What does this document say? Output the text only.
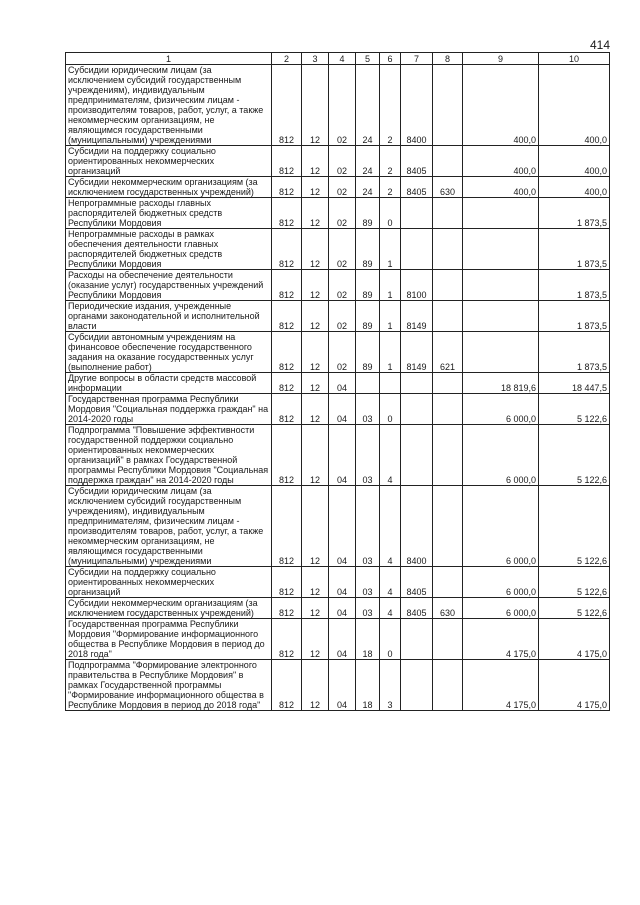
414
1	2	3	4	5	6	7	8	9	10
Субсидии юридическим лицам (за исключением субсидий государственным учреждениям), индивидуальным предпринимателям, физическим лицам - производителям товаров, работ, услуг, а также некоммерческим организациям, не являющимся государственными (муниципальными) учреждениями	812	12	02	24	2	8400		400,0	400,0
Субсидии на поддержку социально ориентированных некоммерческих организаций	812	12	02	24	2	8405		400,0	400,0
Субсидии некоммерческим организациям (за исключением государственных учреждений)	812	12	02	24	2	8405	630	400,0	400,0
Непрограммные расходы главных распорядителей бюджетных средств Республики Мордовия	812	12	02	89	0				1 873,5
Непрограммные расходы в рамках обеспечения деятельности главных распорядителей бюджетных средств Республики Мордовия	812	12	02	89	1				1 873,5
Расходы на обеспечение деятельности (оказание услуг) государственных учреждений Республики Мордовия	812	12	02	89	1	8100			1 873,5
Периодические издания, учрежденные органами законодательной и исполнительной власти	812	12	02	89	1	8149			1 873,5
Субсидии автономным учреждениям на финансовое обеспечение государственного задания на оказание государственных услуг (выполнение работ)	812	12	02	89	1	8149	621		1 873,5
Другие вопросы в области средств массовой информации	812	12	04					18 819,6	18 447,5
Государственная программа Республики Мордовия "Социальная поддержка граждан" на 2014-2020 годы	812	12	04	03	0			6 000,0	5 122,6
Подпрограмма "Повышение эффективности государственной поддержки социально ориентированных некоммерческих организаций" в рамках Государственной программы Республики Мордовия "Социальная поддержка граждан" на 2014-2020 годы	812	12	04	03	4			6 000,0	5 122,6
Субсидии юридическим лицам (за исключением субсидий государственным учреждениям), индивидуальным предпринимателям, физическим лицам - производителям товаров, работ, услуг, а также некоммерческим организациям, не являющимся государственными (муниципальными) учреждениями	812	12	04	03	4	8400		6 000,0	5 122,6
Субсидии на поддержку социально ориентированных некоммерческих организаций	812	12	04	03	4	8405		6 000,0	5 122,6
Субсидии некоммерческим организациям (за исключением государственных учреждений)	812	12	04	03	4	8405	630	6 000,0	5 122,6
Государственная программа Республики Мордовия "Формирование информационного общества в Республике Мордовия в период до 2018 года"	812	12	04	18	0			4 175,0	4 175,0
Подпрограмма "Формирование электронного правительства в Республике Мордовия" в рамках Государственной программы "Формирование информационного общества в Республике Мордовия в период до 2018 года"	812	12	04	18	3			4 175,0	4 175,0
